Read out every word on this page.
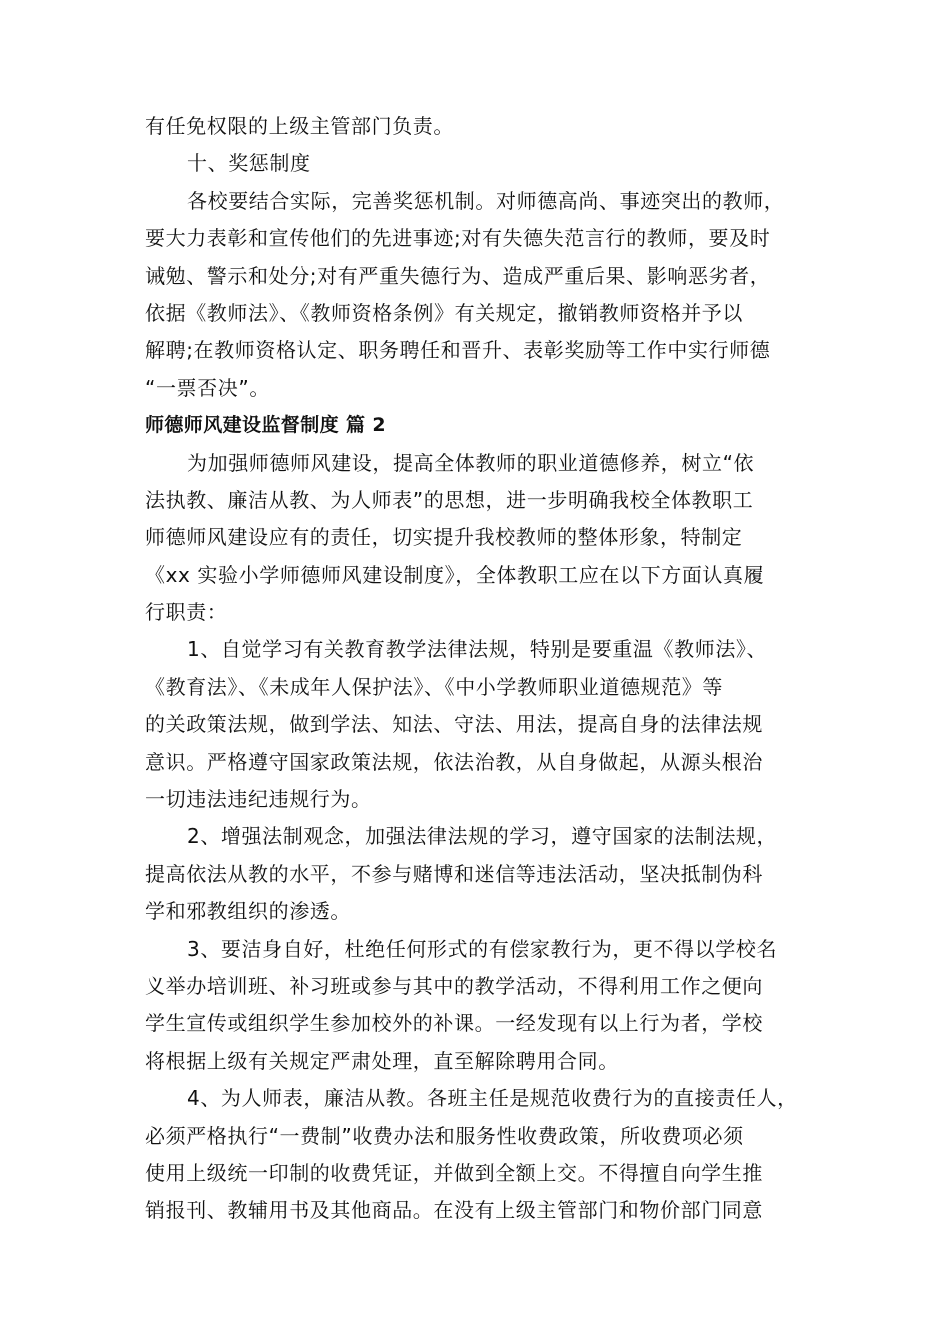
有任免权限的上级主管部门负责。
十、奖惩制度
各校要结合实际，完善奖惩机制。对师德高尚、事迹突出的教师，
要大力表彰和宣传他们的先进事迹;对有失德失范言行的教师，要及时
诫勉、警示和处分;对有严重失德行为、造成严重后果、影响恶劣者，
依据《教师法》、《教师资格条例》有关规定，撤销教师资格并予以
解聘;在教师资格认定、职务聘任和晋升、表彰奖励等工作中实行师德
“一票否决”。
师德师风建设监督制度 篇 2
为加强师德师风建设，提高全体教师的职业道德修养，树立“依
法执教、廉洁从教、为人师表”的思想，进一步明确我校全体教职工
师德师风建设应有的责任，切实提升我校教师的整体形象，特制定
《xx 实验小学师德师风建设制度》，全体教职工应在以下方面认真履
行职责：
1、自觉学习有关教育教学法律法规，特别是要重温《教师法》、
《教育法》、《未成年人保护法》、《中小学教师职业道德规范》等
的关政策法规，做到学法、知法、守法、用法，提高自身的法律法规
意识。严格遵守国家政策法规，依法治教，从自身做起，从源头根治
一切违法违纪违规行为。
2、增强法制观念，加强法律法规的学习，遵守国家的法制法规，
提高依法从教的水平，不参与赌博和迷信等违法活动，坚决抵制伪科
学和邪教组织的渗透。
3、要洁身自好，杜绝任何形式的有偿家教行为，更不得以学校名
义举办培训班、补习班或参与其中的教学活动，不得利用工作之便向
学生宣传或组织学生参加校外的补课。一经发现有以上行为者，学校
将根据上级有关规定严肃处理，直至解除聘用合同。
4、为人师表，廉洁从教。各班主任是规范收费行为的直接责任人，
必须严格执行“一费制”收费办法和服务性收费政策，所收费项必须
使用上级统一印制的收费凭证，并做到全额上交。不得擅自向学生推
销报刊、教辅用书及其他商品。在没有上级主管部门和物价部门同意
